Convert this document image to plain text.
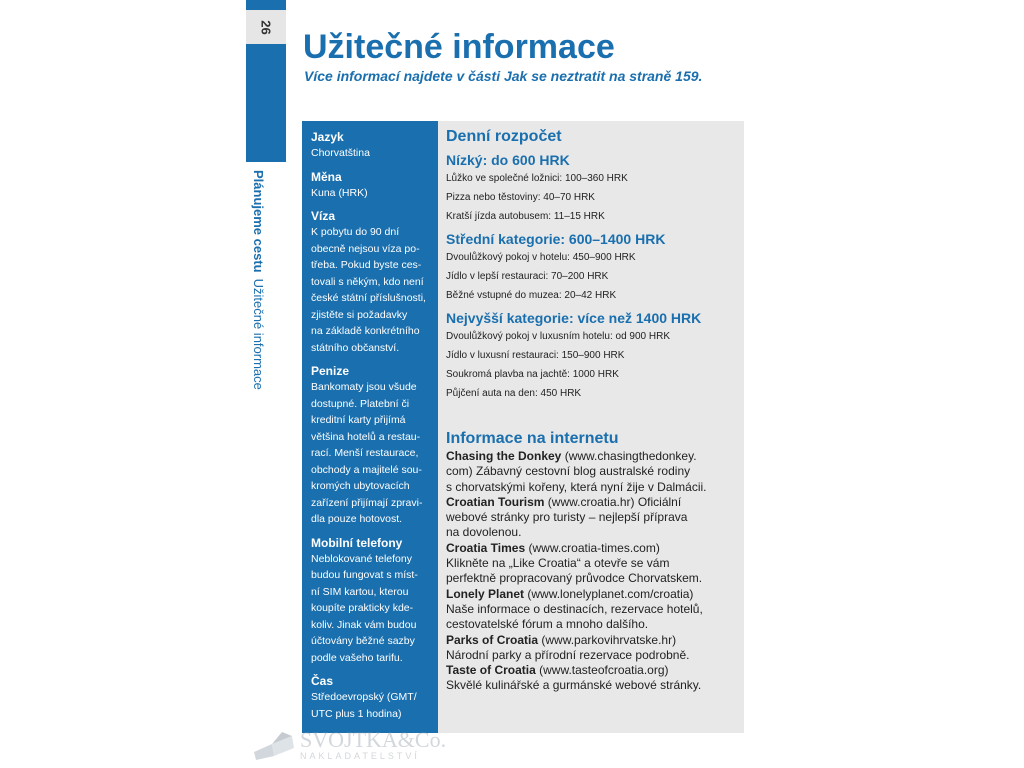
26
Plánujeme cestuUžitečné informace
Užitečné informace
Více informací najdete v části Jak se neztratit na straně 159.
Jazyk
Chorvatština
Měna
Kuna (HRK)
Víza
K pobytu do 90 dní
obecně nejsou víza po-
třeba. Pokud byste ces-
tovali s někým, kdo není
české státní příslušnosti,
zjistěte si požadavky
na základě konkrétního
státního občanství.
Penize
Bankomaty jsou všude
dostupné. Platební či
kreditní karty přijímá
většina hotelů a restau-
rací. Menší restaurace,
obchody a majitelé sou-
kromých ubytovacích
zařízení přijímají zpravi-
dla pouze hotovost.
Mobilní telefony
Neblokované telefony
budou fungovat s míst-
ní SIM kartou, kterou
koupíte prakticky kde-
koliv. Jinak vám budou
účtovány běžné sazby
podle vašeho tarifu.
Čas
Středoevropský (GMT/
UTC plus 1 hodina)
Denní rozpočet
Nízký: do 600 HRK
Lůžko ve společné ložnici: 100–360 HRK
Pizza nebo těstoviny: 40–70 HRK
Kratší jízda autobusem: 11–15 HRK
Střední kategorie: 600–1400 HRK
Dvoulůžkový pokoj v hotelu: 450–900 HRK
Jídlo v lepší restauraci: 70–200 HRK
Běžné vstupné do muzea: 20–42 HRK
Nejvyšší kategorie: více než 1400 HRK
Dvoulůžkový pokoj v luxusním hotelu: od 900 HRK
Jídlo v luxusní restauraci: 150–900 HRK
Soukromá plavba na jachtě: 1000 HRK
Půjčení auta na den: 450 HRK
Informace na internetu
Chasing the Donkey (www.chasingthedonkey.
com) Zábavný cestovní blog australské rodiny
s chorvatskými kořeny, která nyní žije v Dalmácii.
Croatian Tourism (www.croatia.hr) Oficiální
webové stránky pro turisty – nejlepší příprava
na dovolenou.
Croatia Times (www.croatia-times.com)
Klikněte na „Like Croatia“ a otevře se vám
perfektně propracovaný průvodce Chorvatskem.
Lonely Planet (www.lonelyplanet.com/croatia)
Naše informace o destinacích, rezervace hotelů,
cestovatelské fórum a mnoho dalšího.
Parks of Croatia (www.parkovihrvatske.hr)
Národní parky a přírodní rezervace podrobně.
Taste of Croatia (www.tasteofcroatia.org)
Skvělé kulinářské a gurmánské webové stránky.
SVOJTKA&Co.
NAKLADATELSTVÍ
